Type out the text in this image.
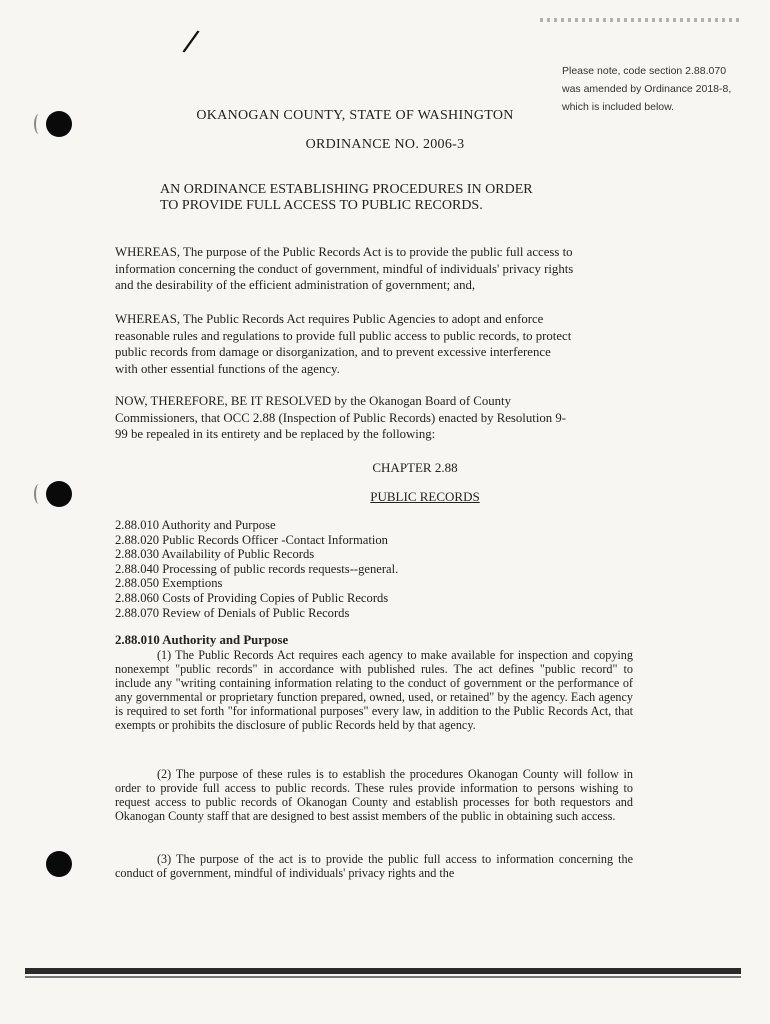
/
Please note, code section 2.88.070
was amended by Ordinance 2018-8,
which is included below.
OKANOGAN COUNTY, STATE OF WASHINGTON
ORDINANCE NO. 2006-3
AN ORDINANCE ESTABLISHING PROCEDURES IN ORDER
TO PROVIDE FULL ACCESS TO PUBLIC RECORDS.
WHEREAS, The purpose of the Public Records Act is to provide the public full access to
information concerning the conduct of government, mindful of individuals' privacy rights
and the desirability of the efficient administration of government; and,
WHEREAS, The Public Records Act requires Public Agencies to adopt and enforce
reasonable rules and regulations to provide full public access to public records, to protect
public records from damage or disorganization, and to prevent excessive interference
with other essential functions of the agency.
NOW, THEREFORE, BE IT RESOLVED by the Okanogan Board of County
Commissioners, that OCC 2.88 (Inspection of Public Records) enacted by Resolution 9-
99 be repealed in its entirety and be replaced by the following:
CHAPTER 2.88
PUBLIC RECORDS
2.88.010 Authority and Purpose
2.88.020 Public Records Officer -Contact Information
2.88.030 Availability of Public Records
2.88.040 Processing of public records requests--general.
2.88.050 Exemptions
2.88.060 Costs of Providing Copies of Public Records
2.88.070 Review of Denials of Public Records
2.88.010 Authority and Purpose
(1) The Public Records Act requires each agency to make available for inspection and copying nonexempt "public records" in accordance with published rules. The act defines "public record" to include any "writing containing information relating to the conduct of government or the performance of any governmental or proprietary function prepared, owned, used, or retained" by the agency. Each agency is required to set forth "for informational purposes" every law, in addition to the Public Records Act, that exempts or prohibits the disclosure of public Records held by that agency.
(2) The purpose of these rules is to establish the procedures Okanogan County will follow in order to provide full access to public records. These rules provide information to persons wishing to request access to public records of Okanogan County and establish processes for both requestors and Okanogan County staff that are designed to best assist members of the public in obtaining such access.
(3) The purpose of the act is to provide the public full access to information concerning the conduct of government, mindful of individuals' privacy rights and the
